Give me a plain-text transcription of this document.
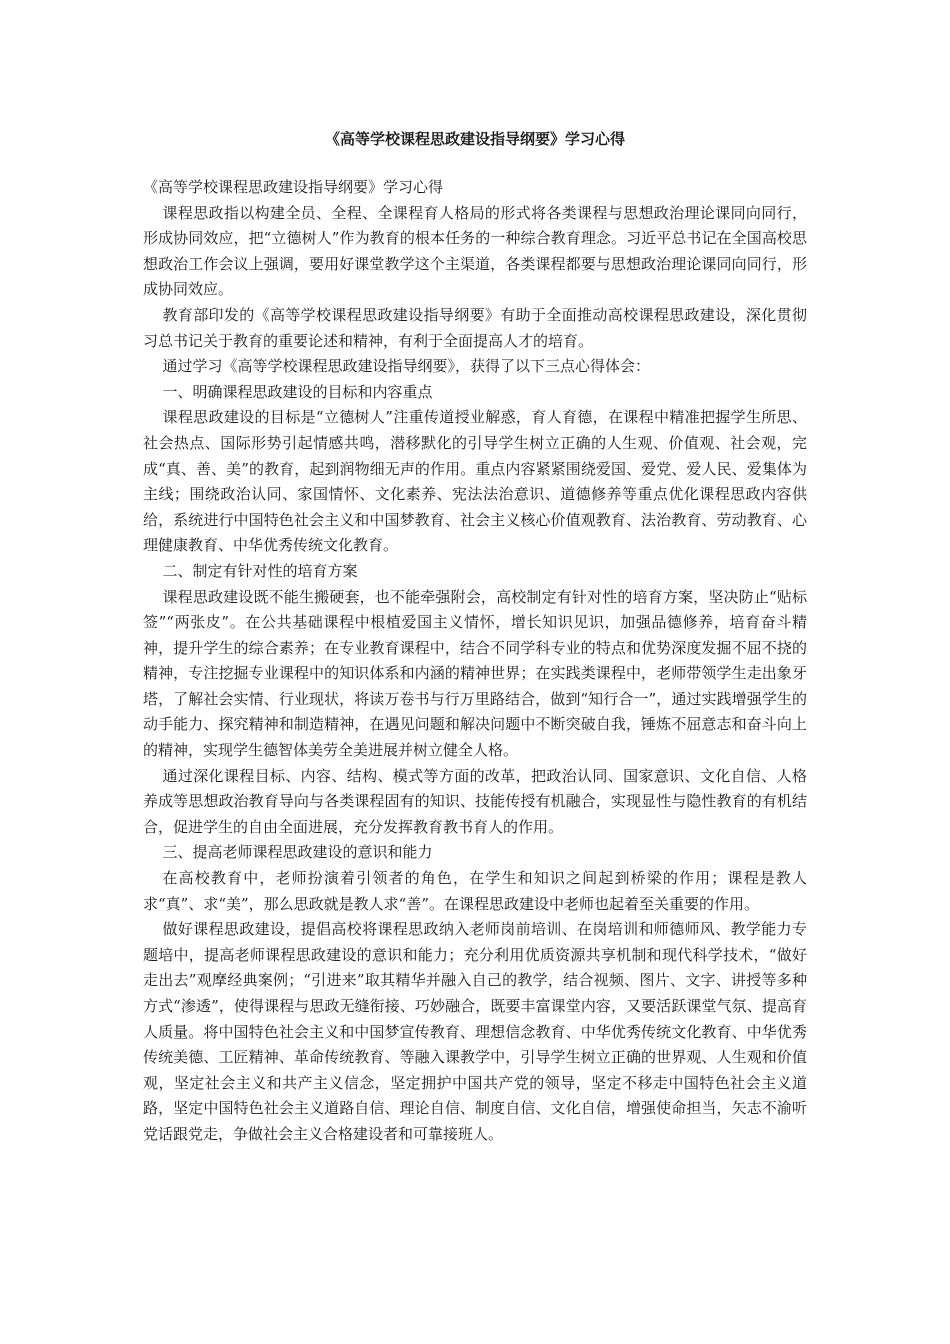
《高等学校课程思政建设指导纲要》学习心得

《高等学校课程思政建设指导纲要》学习心得

课程思政指以构建全员、全程、全课程育人格局的形式将各类课程与思想政治理论课同向同行，形成协同效应，把“立德树人”作为教育的根本任务的一种综合教育理念。习近平总书记在全国高校思想政治工作会议上强调，要用好课堂教学这个主渠道，各类课程都要与思想政治理论课同向同行，形成协同效应。

教育部印发的《高等学校课程思政建设指导纲要》有助于全面推动高校课程思政建设，深化贯彻习总书记关于教育的重要论述和精神，有利于全面提高人才的培育。

通过学习《高等学校课程思政建设指导纲要》，获得了以下三点心得体会：

一、明确课程思政建设的目标和内容重点

课程思政建设的目标是“立德树人”注重传道授业解惑，育人育德，在课程中精准把握学生所思、社会热点、国际形势引起情感共鸣，潜移默化的引导学生树立正确的人生观、价值观、社会观，完成“真、善、美”的教育，起到润物细无声的作用。重点内容紧紧围绕爱国、爱党、爱人民、爱集体为主线；围绕政治认同、家国情怀、文化素养、宪法法治意识、道德修养等重点优化课程思政内容供给，系统进行中国特色社会主义和中国梦教育、社会主义核心价值观教育、法治教育、劳动教育、心理健康教育、中华优秀传统文化教育。

二、制定有针对性的培育方案

课程思政建设既不能生搬硬套，也不能牵强附会，高校制定有针对性的培育方案，坚决防止“贴标签”“两张皮”。在公共基础课程中根植爱国主义情怀，增长知识见识，加强品德修养，培育奋斗精神，提升学生的综合素养；在专业教育课程中，结合不同学科专业的特点和优势深度发掘不屈不挠的精神，专注挖掘专业课程中的知识体系和内涵的精神世界；在实践类课程中，老师带领学生走出象牙塔，了解社会实情、行业现状，将读万卷书与行万里路结合，做到“知行合一”，通过实践增强学生的动手能力、探究精神和制造精神，在遇见问题和解决问题中不断突破自我，锤炼不屈意志和奋斗向上的精神，实现学生德智体美劳全美进展并树立健全人格。

通过深化课程目标、内容、结构、模式等方面的改革，把政治认同、国家意识、文化自信、人格养成等思想政治教育导向与各类课程固有的知识、技能传授有机融合，实现显性与隐性教育的有机结合，促进学生的自由全面进展，充分发挥教育教书育人的作用。

三、提高老师课程思政建设的意识和能力

在高校教育中，老师扮演着引领者的角色，在学生和知识之间起到桥梁的作用；课程是教人求“真”、求“美”，那么思政就是教人求“善”。在课程思政建设中老师也起着至关重要的作用。

做好课程思政建设，提倡高校将课程思政纳入老师岗前培训、在岗培训和师德师风、教学能力专题培中，提高老师课程思政建设的意识和能力；充分利用优质资源共享机制和现代科学技术，“做好走出去”观摩经典案例；“引进来”取其精华并融入自己的教学，结合视频、图片、文字、讲授等多种方式“渗透”，使得课程与思政无缝衔接、巧妙融合，既要丰富课堂内容，又要活跃课堂气氛、提高育人质量。将中国特色社会主义和中国梦宣传教育、理想信念教育、中华优秀传统文化教育、中华优秀传统美德、工匠精神、革命传统教育、等融入课教学中，引导学生树立正确的世界观、人生观和价值观，坚定社会主义和共产主义信念，坚定拥护中国共产党的领导，坚定不移走中国特色社会主义道路，坚定中国特色社会主义道路自信、理论自信、制度自信、文化自信，增强使命担当，矢志不渝听党话跟党走，争做社会主义合格建设者和可靠接班人。
